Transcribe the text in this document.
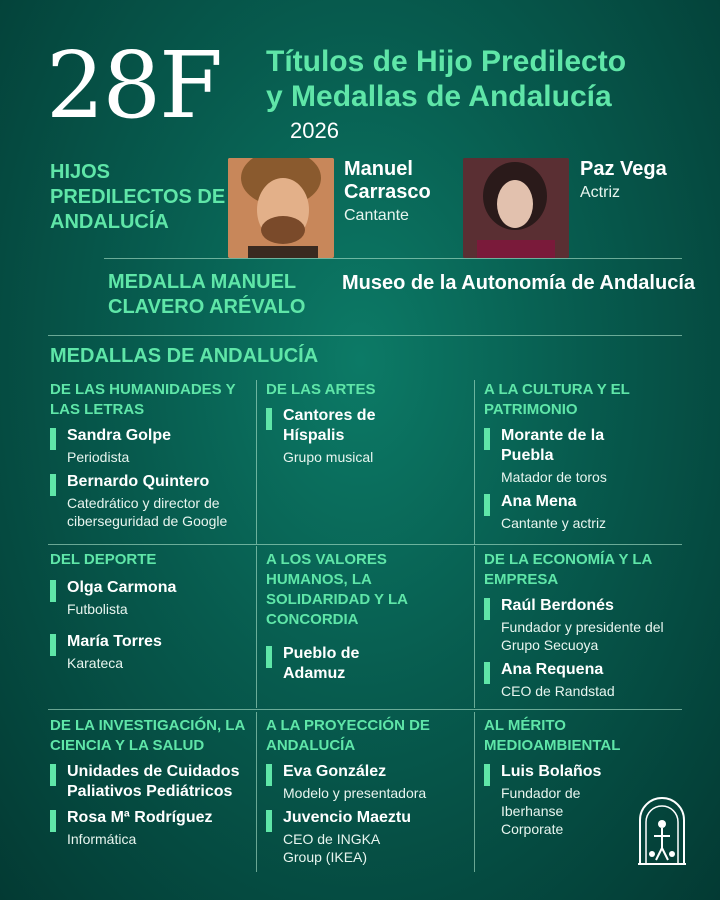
28F	Títulos de Hijo Predilecto
y Medallas de Andalucía
2026
HIJOS PREDILECTOS DE ANDALUCÍA
Manuel Carrasco
Cantante
Paz Vega
Actriz
MEDALLA MANUEL CLAVERO ARÉVALO
Museo de la Autonomía de Andalucía
MEDALLAS DE ANDALUCÍA
DE LAS HUMANIDADES Y LAS LETRAS
Sandra Golpe
Periodista
Bernardo Quintero
Catedrático y director de ciberseguridad de Google
DE LAS ARTES
Cantores de Híspalis
Grupo musical
A LA CULTURA Y EL PATRIMONIO
Morante de la Puebla
Matador de toros
Ana Mena
Cantante y actriz
DEL DEPORTE
Olga Carmona
Futbolista
María Torres
Karateca
A LOS VALORES HUMANOS, LA SOLIDARIDAD Y LA CONCORDIA
Pueblo de Adamuz
DE LA ECONOMÍA Y LA EMPRESA
Raúl Berdonés
Fundador y presidente del Grupo Secuoya
Ana Requena
CEO de Randstad
DE LA INVESTIGACIÓN, LA CIENCIA Y LA SALUD
Unidades de Cuidados Paliativos Pediátricos
Rosa Mª Rodríguez
Informática
A LA PROYECCIÓN DE ANDALUCÍA
Eva González
Modelo y presentadora
Juvencio Maeztu
CEO de INGKA Group (IKEA)
AL MÉRITO MEDIOAMBIENTAL
Luis Bolaños
Fundador de Iberhanse Corporate
